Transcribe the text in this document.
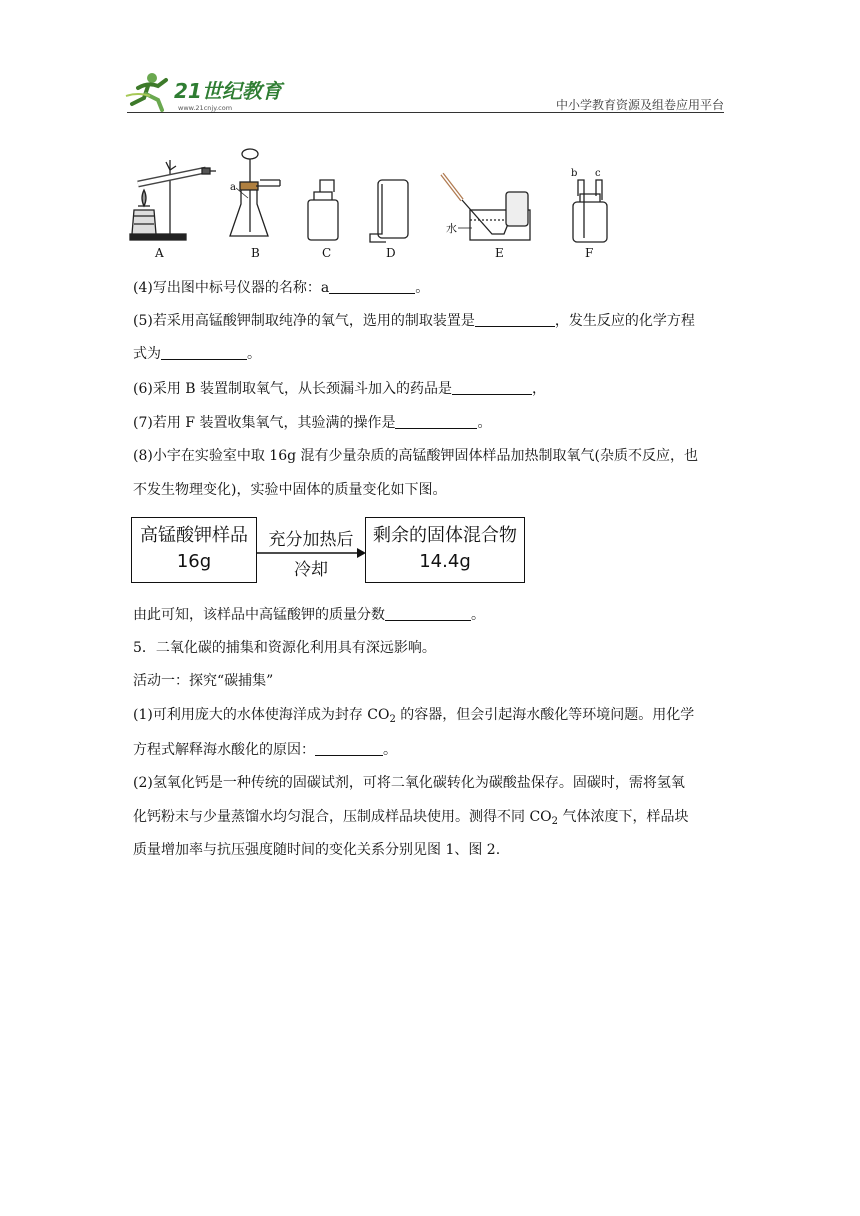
21世纪教育
www.21cnjy.com	中小学教育资源及组卷应用平台
a
水
b c
A	B	C	D	E	F
(4)写出图中标号仪器的名称：a	。
(5)若采用高锰酸钾制取纯净的氧气，选用的制取装置是	，发生反应的化学方程
式为	。
(6)采用 B 装置制取氧气，从长颈漏斗加入的药品是	，
(7)若用 F 装置收集氧气，其验满的操作是	。
(8)小宇在实验室中取 16g 混有少量杂质的高锰酸钾固体样品加热制取氧气(杂质不反应，也
不发生物理变化)，实验中固体的质量变化如下图。
高锰酸钾样品
16g
充分加热后
冷却
剩余的固体混合物
14.4g
由此可知，该样品中高锰酸钾的质量分数	。
5．二氧化碳的捕集和资源化利用具有深远影响。
活动一：探究“碳捕集”
(1)可利用庞大的水体使海洋成为封存 $CO_2$ 的容器，但会引起海水酸化等环境问题。用化学
方程式解释海水酸化的原因：	。
(2)氢氧化钙是一种传统的固碳试剂，可将二氧化碳转化为碳酸盐保存。固碳时，需将氢氧
化钙粉末与少量蒸馏水均匀混合，压制成样品块使用。测得不同 $CO_2$ 气体浓度下，样品块
质量增加率与抗压强度随时间的变化关系分别见图 1、图 2.
